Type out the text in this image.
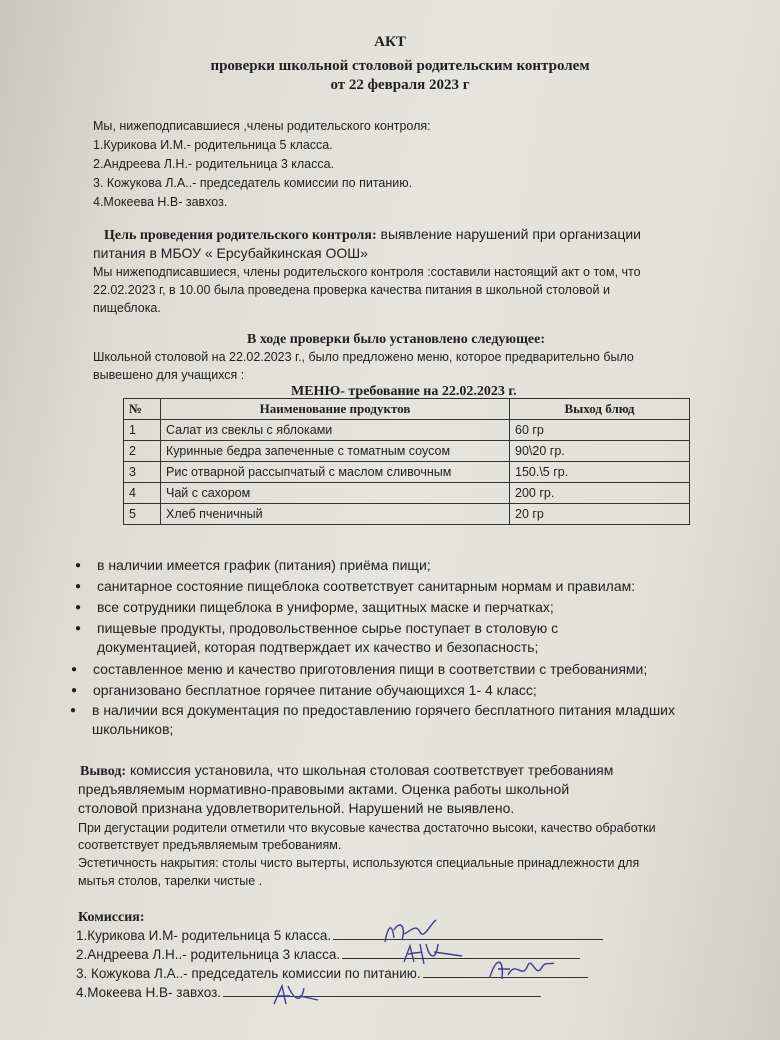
АКТ
проверки школьной столовой родительским контролем
от 22 февраля 2023 г
Мы, нижеподписавшиеся ,члены родительского контроля:
1.Курикова И.М.- родительница 5 класса.
2.Андреева Л.Н.- родительница 3 класса.
3. Кожукова Л.А..- председатель комиссии по питанию.
4.Мокеева Н.В- завхоз.
Цель проведения родительского контроля: выявление нарушений при организации
питания в МБОУ « Ерсубайкинская ООШ»
Мы нижеподписавшиеся, члены родительского контроля :составили настоящий акт о том, что
22.02.2023 г, в 10.00 была проведена проверка качества питания в школьной столовой и
пищеблока.
В ходе проверки было установлено следующее:
Школьной столовой на 22.02.2023 г., было предложено меню, которое предварительно было
вывешено для учащихся :
МЕНЮ- требование на 22.02.2023 г.
№	Наименование продуктов	Выход блюд
1	Салат из свеклы с яблоками	60 гр
2	Куринные бедра запеченные с томатным соусом	90\20 гр.
3	Рис отварной рассыпчатый с маслом сливочным	150.\5 гр.
4	Чай с сахором	200 гр.
5	Хлеб пченичный	20 гр
● в наличии имеется график (питания) приёма пищи;
● санитарное состояние пищеблока соответствует санитарным нормам и правилам:
● все сотрудники пищеблока в униформе, защитных маске и перчатках;
● пищевые продукты, продовольственное сырье поступает в столовую с
документацией, которая подтверждает их качество и безопасность;
● составленное меню и качество приготовления пищи в соответствии с требованиями;
● организовано бесплатное горячее питание обучающихся 1- 4 класс;
● в наличии вся документация по предоставлению горячего бесплатного питания младших
школьников;
Вывод: комиссия установила, что школьная столовая соответствует требованиям
предъявляемым нормативно-правовыми актами. Оценка работы школьной
столовой признана удовлетворительной. Нарушений не выявлено.
При дегустации родители отметили что вкусовые качества достаточно высоки, качество обработки
соответствует предъявляемым требованиям.
Эстетичность накрытия: столы чисто вытерты, используются специальные принадлежности для
мытья столов, тарелки чистые .
Комиссия:
1.Курикова И.М- родительница 5 класса.
2.Андреева Л.Н..- родительница 3 класса.
3. Кожукова Л.А..- председатель комиссии по питанию.
4.Мокеева Н.В- завхоз.
